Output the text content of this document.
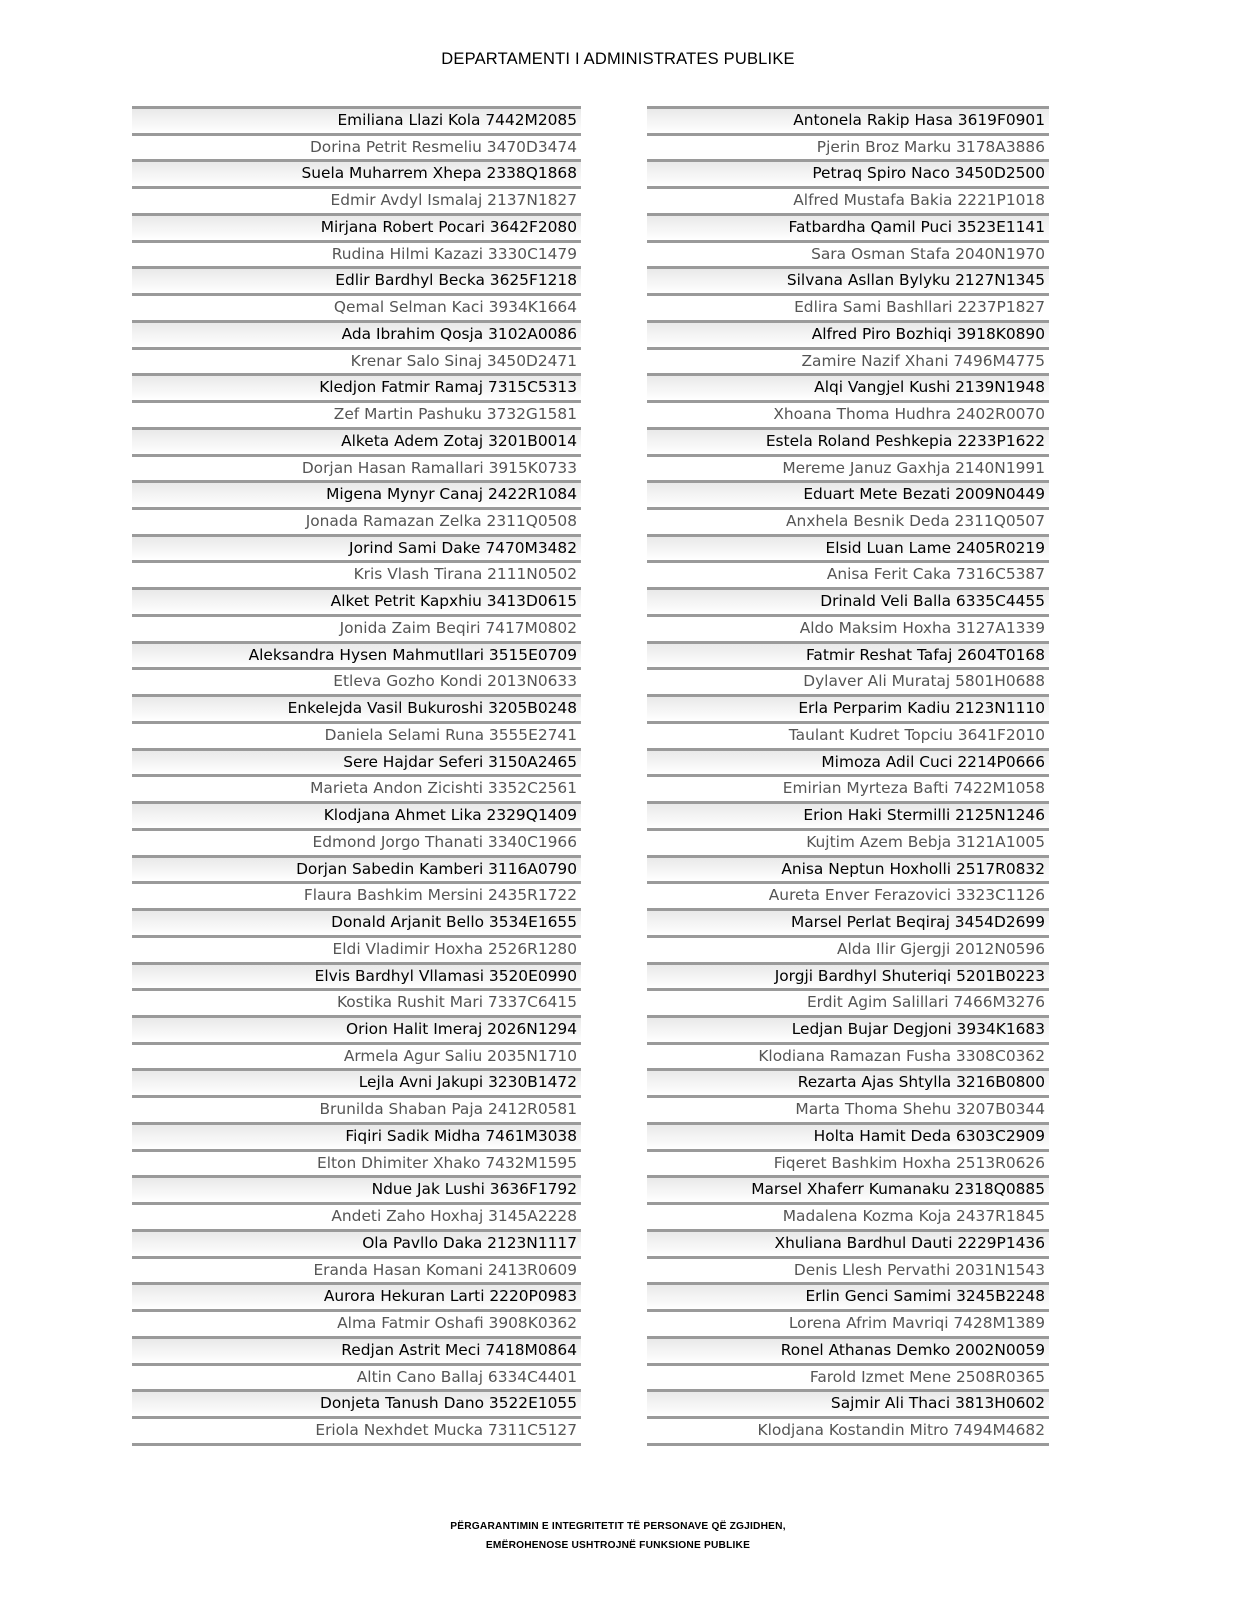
DEPARTAMENTI I ADMINISTRATES PUBLIKE
Emiliana Llazi Kola 7442M2085
Dorina Petrit Resmeliu 3470D3474
Suela Muharrem Xhepa 2338Q1868
Edmir Avdyl Ismalaj 2137N1827
Mirjana Robert Pocari 3642F2080
Rudina Hilmi Kazazi 3330C1479
Edlir Bardhyl Becka 3625F1218
Qemal Selman Kaci 3934K1664
Ada Ibrahim Qosja 3102A0086
Krenar Salo Sinaj 3450D2471
Kledjon Fatmir Ramaj 7315C5313
Zef Martin Pashuku 3732G1581
Alketa Adem Zotaj 3201B0014
Dorjan Hasan Ramallari 3915K0733
Migena Mynyr Canaj 2422R1084
Jonada Ramazan Zelka 2311Q0508
Jorind Sami Dake 7470M3482
Kris Vlash Tirana 2111N0502
Alket Petrit Kapxhiu 3413D0615
Jonida Zaim Beqiri 7417M0802
Aleksandra Hysen Mahmutllari 3515E0709
Etleva Gozho Kondi 2013N0633
Enkelejda Vasil Bukuroshi 3205B0248
Daniela Selami Runa 3555E2741
Sere Hajdar Seferi 3150A2465
Marieta Andon Zicishti 3352C2561
Klodjana Ahmet Lika 2329Q1409
Edmond Jorgo Thanati 3340C1966
Dorjan Sabedin Kamberi 3116A0790
Flaura Bashkim Mersini 2435R1722
Donald Arjanit Bello 3534E1655
Eldi Vladimir Hoxha 2526R1280
Elvis Bardhyl Vllamasi 3520E0990
Kostika Rushit Mari 7337C6415
Orion Halit Imeraj 2026N1294
Armela Agur Saliu 2035N1710
Lejla Avni Jakupi 3230B1472
Brunilda Shaban Paja 2412R0581
Fiqiri Sadik Midha 7461M3038
Elton Dhimiter Xhako 7432M1595
Ndue Jak Lushi 3636F1792
Andeti Zaho Hoxhaj 3145A2228
Ola Pavllo Daka 2123N1117
Eranda Hasan Komani 2413R0609
Aurora Hekuran Larti 2220P0983
Alma Fatmir Oshafi 3908K0362
Redjan Astrit Meci 7418M0864
Altin Cano Ballaj 6334C4401
Donjeta Tanush Dano 3522E1055
Eriola Nexhdet Mucka 7311C5127
Antonela Rakip Hasa 3619F0901
Pjerin Broz Marku 3178A3886
Petraq Spiro Naco 3450D2500
Alfred Mustafa Bakia 2221P1018
Fatbardha Qamil Puci 3523E1141
Sara Osman Stafa 2040N1970
Silvana Asllan Bylyku 2127N1345
Edlira Sami Bashllari 2237P1827
Alfred Piro Bozhiqi 3918K0890
Zamire Nazif Xhani 7496M4775
Alqi Vangjel Kushi 2139N1948
Xhoana Thoma Hudhra 2402R0070
Estela Roland Peshkepia 2233P1622
Mereme Januz Gaxhja 2140N1991
Eduart Mete Bezati 2009N0449
Anxhela Besnik Deda 2311Q0507
Elsid Luan Lame 2405R0219
Anisa Ferit Caka 7316C5387
Drinald Veli Balla 6335C4455
Aldo Maksim Hoxha 3127A1339
Fatmir Reshat Tafaj 2604T0168
Dylaver Ali Murataj 5801H0688
Erla Perparim Kadiu 2123N1110
Taulant Kudret Topciu 3641F2010
Mimoza Adil Cuci 2214P0666
Emirian Myrteza Bafti 7422M1058
Erion Haki Stermilli 2125N1246
Kujtim Azem Bebja 3121A1005
Anisa Neptun Hoxholli 2517R0832
Aureta Enver Ferazovici 3323C1126
Marsel Perlat Beqiraj 3454D2699
Alda Ilir Gjergji 2012N0596
Jorgji Bardhyl Shuteriqi 5201B0223
Erdit Agim Salillari 7466M3276
Ledjan Bujar Degjoni 3934K1683
Klodiana Ramazan Fusha 3308C0362
Rezarta Ajas Shtylla 3216B0800
Marta Thoma Shehu 3207B0344
Holta Hamit Deda 6303C2909
Fiqeret Bashkim Hoxha 2513R0626
Marsel Xhaferr Kumanaku 2318Q0885
Madalena Kozma Koja 2437R1845
Xhuliana Bardhul Dauti 2229P1436
Denis Llesh Pervathi 2031N1543
Erlin Genci Samimi 3245B2248
Lorena Afrim Mavriqi 7428M1389
Ronel Athanas Demko 2002N0059
Farold Izmet Mene 2508R0365
Sajmir Ali Thaci 3813H0602
Klodjana Kostandin Mitro 7494M4682
PËRGARANTIMIN E INTEGRITETIT TË PERSONAVE QË ZGJIDHEN,
EMËROHENOSE USHTROJNË FUNKSIONE PUBLIKE
